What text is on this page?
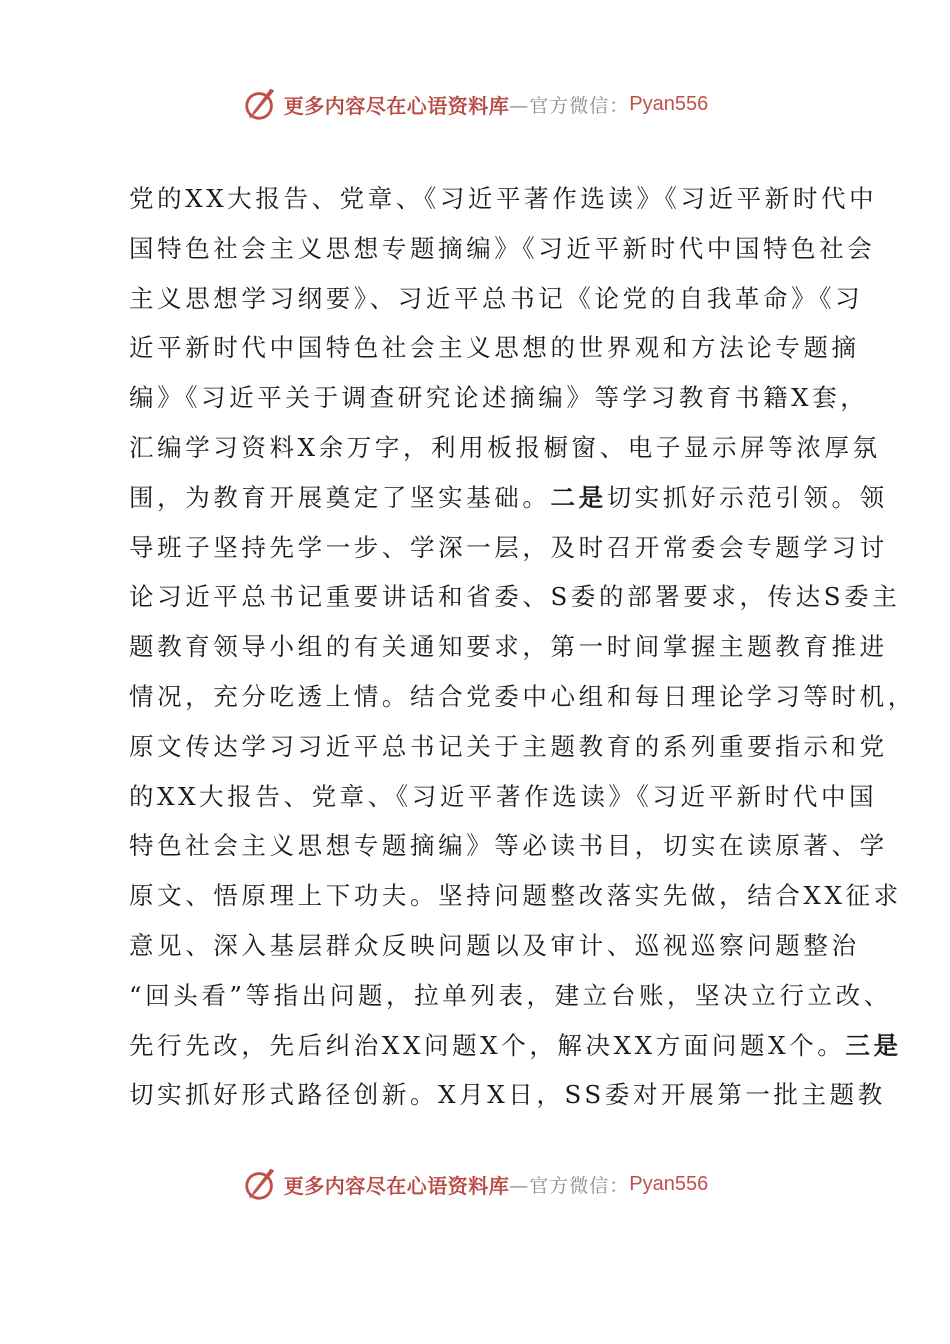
更多内容尽在心语资料库 —官方微信： Pyan556
党的XX大报告、党章、《习近平著作选读》《习近平新时代中
国特色社会主义思想专题摘编》《习近平新时代中国特色社会
主义思想学习纲要》、习近平总书记《论党的自我革命》《习
近平新时代中国特色社会主义思想的世界观和方法论专题摘
编》《习近平关于调查研究论述摘编》等学习教育书籍X套，
汇编学习资料X余万字，利用板报橱窗、电子显示屏等浓厚氛
围，为教育开展奠定了坚实基础。二是切实抓好示范引领。领
导班子坚持先学一步、学深一层，及时召开常委会专题学习讨
论习近平总书记重要讲话和省委、S委的部署要求，传达S委主
题教育领导小组的有关通知要求，第一时间掌握主题教育推进
情况，充分吃透上情。结合党委中心组和每日理论学习等时机，
原文传达学习习近平总书记关于主题教育的系列重要指示和党
的XX大报告、党章、《习近平著作选读》《习近平新时代中国
特色社会主义思想专题摘编》等必读书目，切实在读原著、学
原文、悟原理上下功夫。坚持问题整改落实先做，结合XX征求
意见、深入基层群众反映问题以及审计、巡视巡察问题整治
“回头看”等指出问题，拉单列表，建立台账，坚决立行立改、
先行先改，先后纠治XX问题X个，解决XX方面问题X个。三是
切实抓好形式路径创新。X月X日，SS委对开展第一批主题教
更多内容尽在心语资料库 —官方微信： Pyan556
